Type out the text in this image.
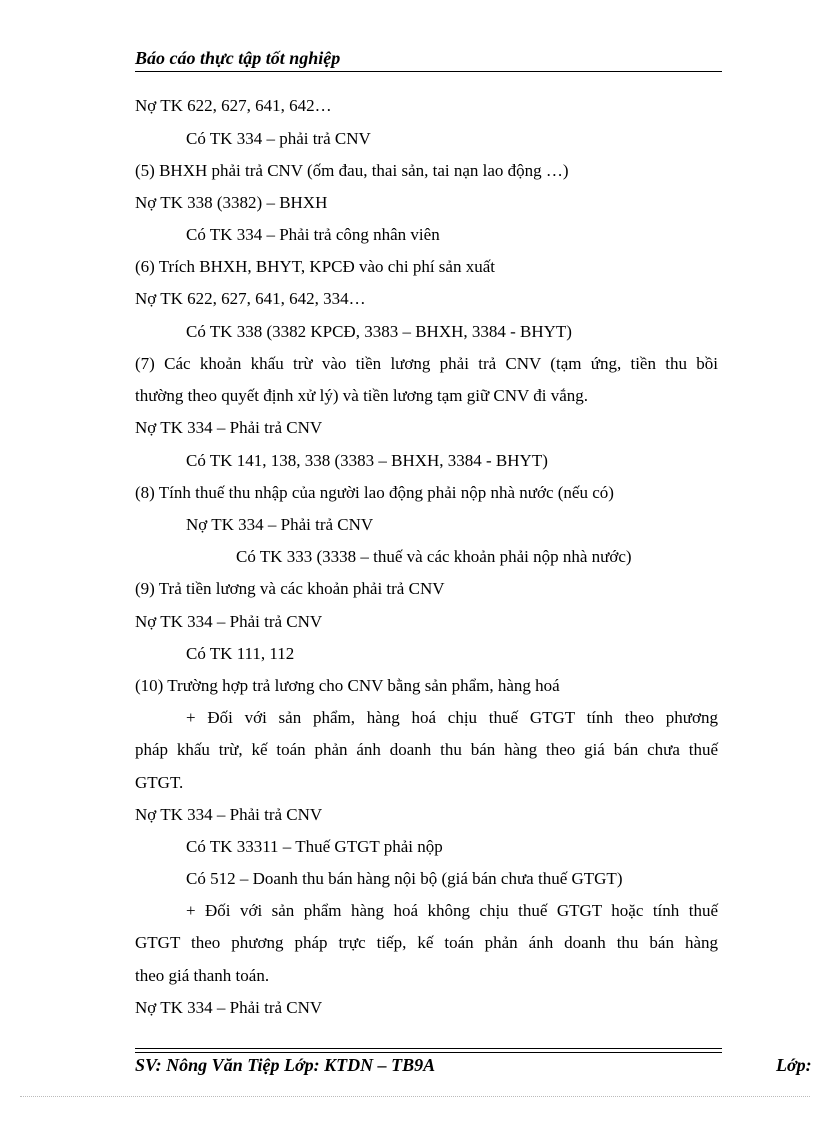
Báo cáo thực tập tốt nghiệp
Nợ TK 622, 627, 641, 642…
Có TK 334 – phải trả CNV
(5) BHXH phải trả CNV (ốm đau, thai sản, tai nạn lao động …)
Nợ TK 338 (3382) – BHXH
Có TK 334 – Phải trả công nhân viên
(6) Trích BHXH, BHYT, KPCĐ vào chi phí sản xuất
Nợ TK 622, 627, 641, 642, 334…
Có TK 338 (3382 KPCĐ, 3383 – BHXH, 3384 - BHYT)
(7) Các khoản khấu trừ vào tiền lương phải trả CNV (tạm ứng, tiền thu bồi
thường theo quyết định xử lý) và tiền lương tạm giữ CNV đi vắng.
Nợ TK 334 – Phải trả CNV
Có TK 141, 138, 338 (3383 – BHXH, 3384 - BHYT)
(8) Tính thuế thu nhập của người lao động phải nộp nhà nước (nếu có)
Nợ TK 334 – Phải trả CNV
Có TK 333 (3338 – thuế và các khoản phải nộp nhà nước)
(9) Trả tiền lương và các khoản phải trả CNV
Nợ TK 334 – Phải trả CNV
Có TK 111, 112
(10) Trường hợp trả lương cho CNV bằng sản phẩm, hàng hoá
+ Đối với sản phẩm, hàng hoá chịu thuế GTGT tính theo phương
pháp khấu trừ, kế toán phản ánh doanh thu bán hàng theo giá bán chưa thuế
GTGT.
Nợ TK 334 – Phải trả CNV
Có TK 33311 – Thuế GTGT phải nộp
Có 512 – Doanh thu bán hàng nội bộ (giá bán chưa thuế GTGT)
+ Đối với sản phẩm hàng hoá không chịu thuế GTGT hoặc tính thuế
GTGT theo phương pháp trực tiếp, kế toán phản ánh doanh thu bán hàng
theo giá thanh toán.
Nợ TK 334 – Phải trả CNV
SV: Nông Văn Tiệp Lớp: KTDN – TB9A	Lớp:
